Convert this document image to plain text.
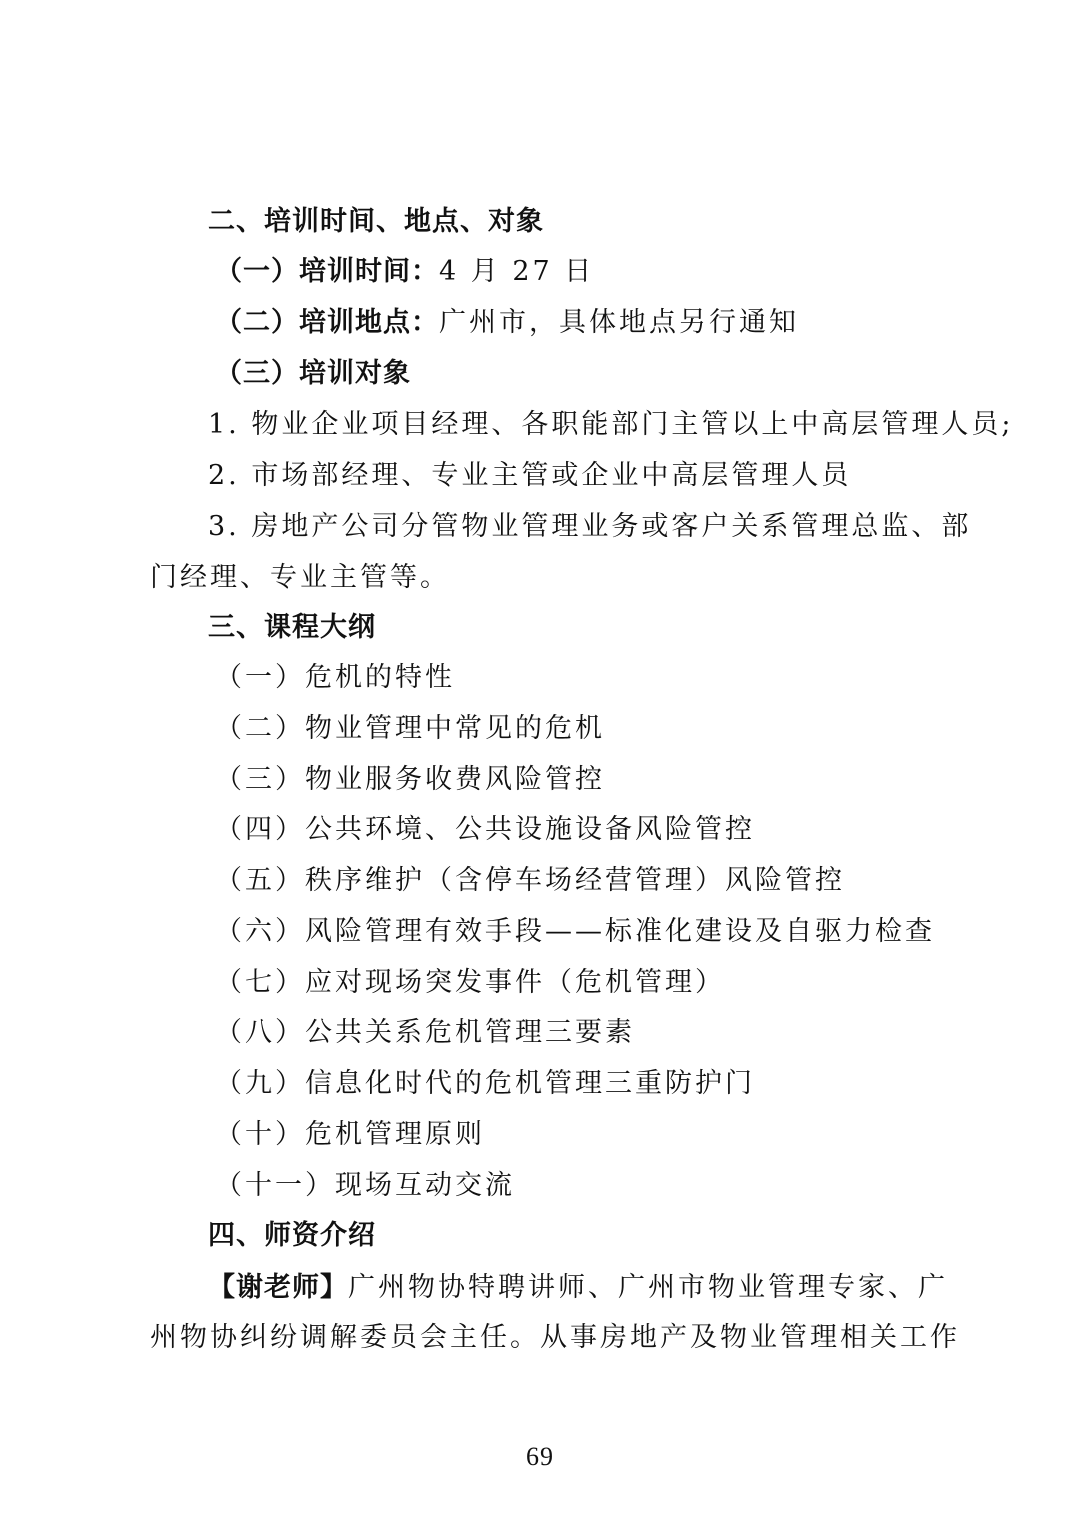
二、培训时间、地点、对象
（一）培训时间：4 月 27 日
（二）培训地点：广州市，具体地点另行通知
（三）培训对象
1. 物业企业项目经理、各职能部门主管以上中高层管理人员;
2. 市场部经理、专业主管或企业中高层管理人员
3. 房地产公司分管物业管理业务或客户关系管理总监、部
门经理、专业主管等。
三、课程大纲
（一）危机的特性
（二）物业管理中常见的危机
（三）物业服务收费风险管控
（四）公共环境、公共设施设备风险管控
（五）秩序维护（含停车场经营管理）风险管控
（六）风险管理有效手段——标准化建设及自驱力检查
（七）应对现场突发事件（危机管理）
（八）公共关系危机管理三要素
（九）信息化时代的危机管理三重防护门
（十）危机管理原则
（十一）现场互动交流
四、师资介绍
【谢老师】广州物协特聘讲师、广州市物业管理专家、广
州物协纠纷调解委员会主任。从事房地产及物业管理相关工作
69
